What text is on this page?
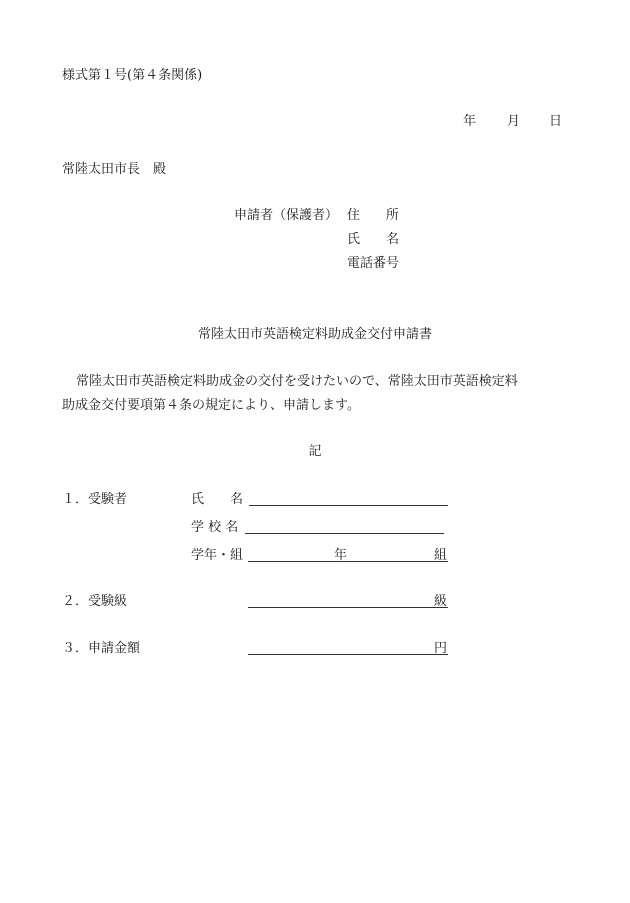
様式第１号(第４条関係)
年 月 日
常陸太田市長　殿
申請者（保護者） 住　　所
氏　　名
電話番号
常陸太田市英語検定料助成金交付申請書
常陸太田市英語検定料助成金の交付を受けたいので、常陸太田市英語検定料
助成金交付要項第４条の規定により、申請します。
記
１．受験者	氏　　名
学 校 名
学年・組	年	組
２．受験級	級
３．申請金額	円
